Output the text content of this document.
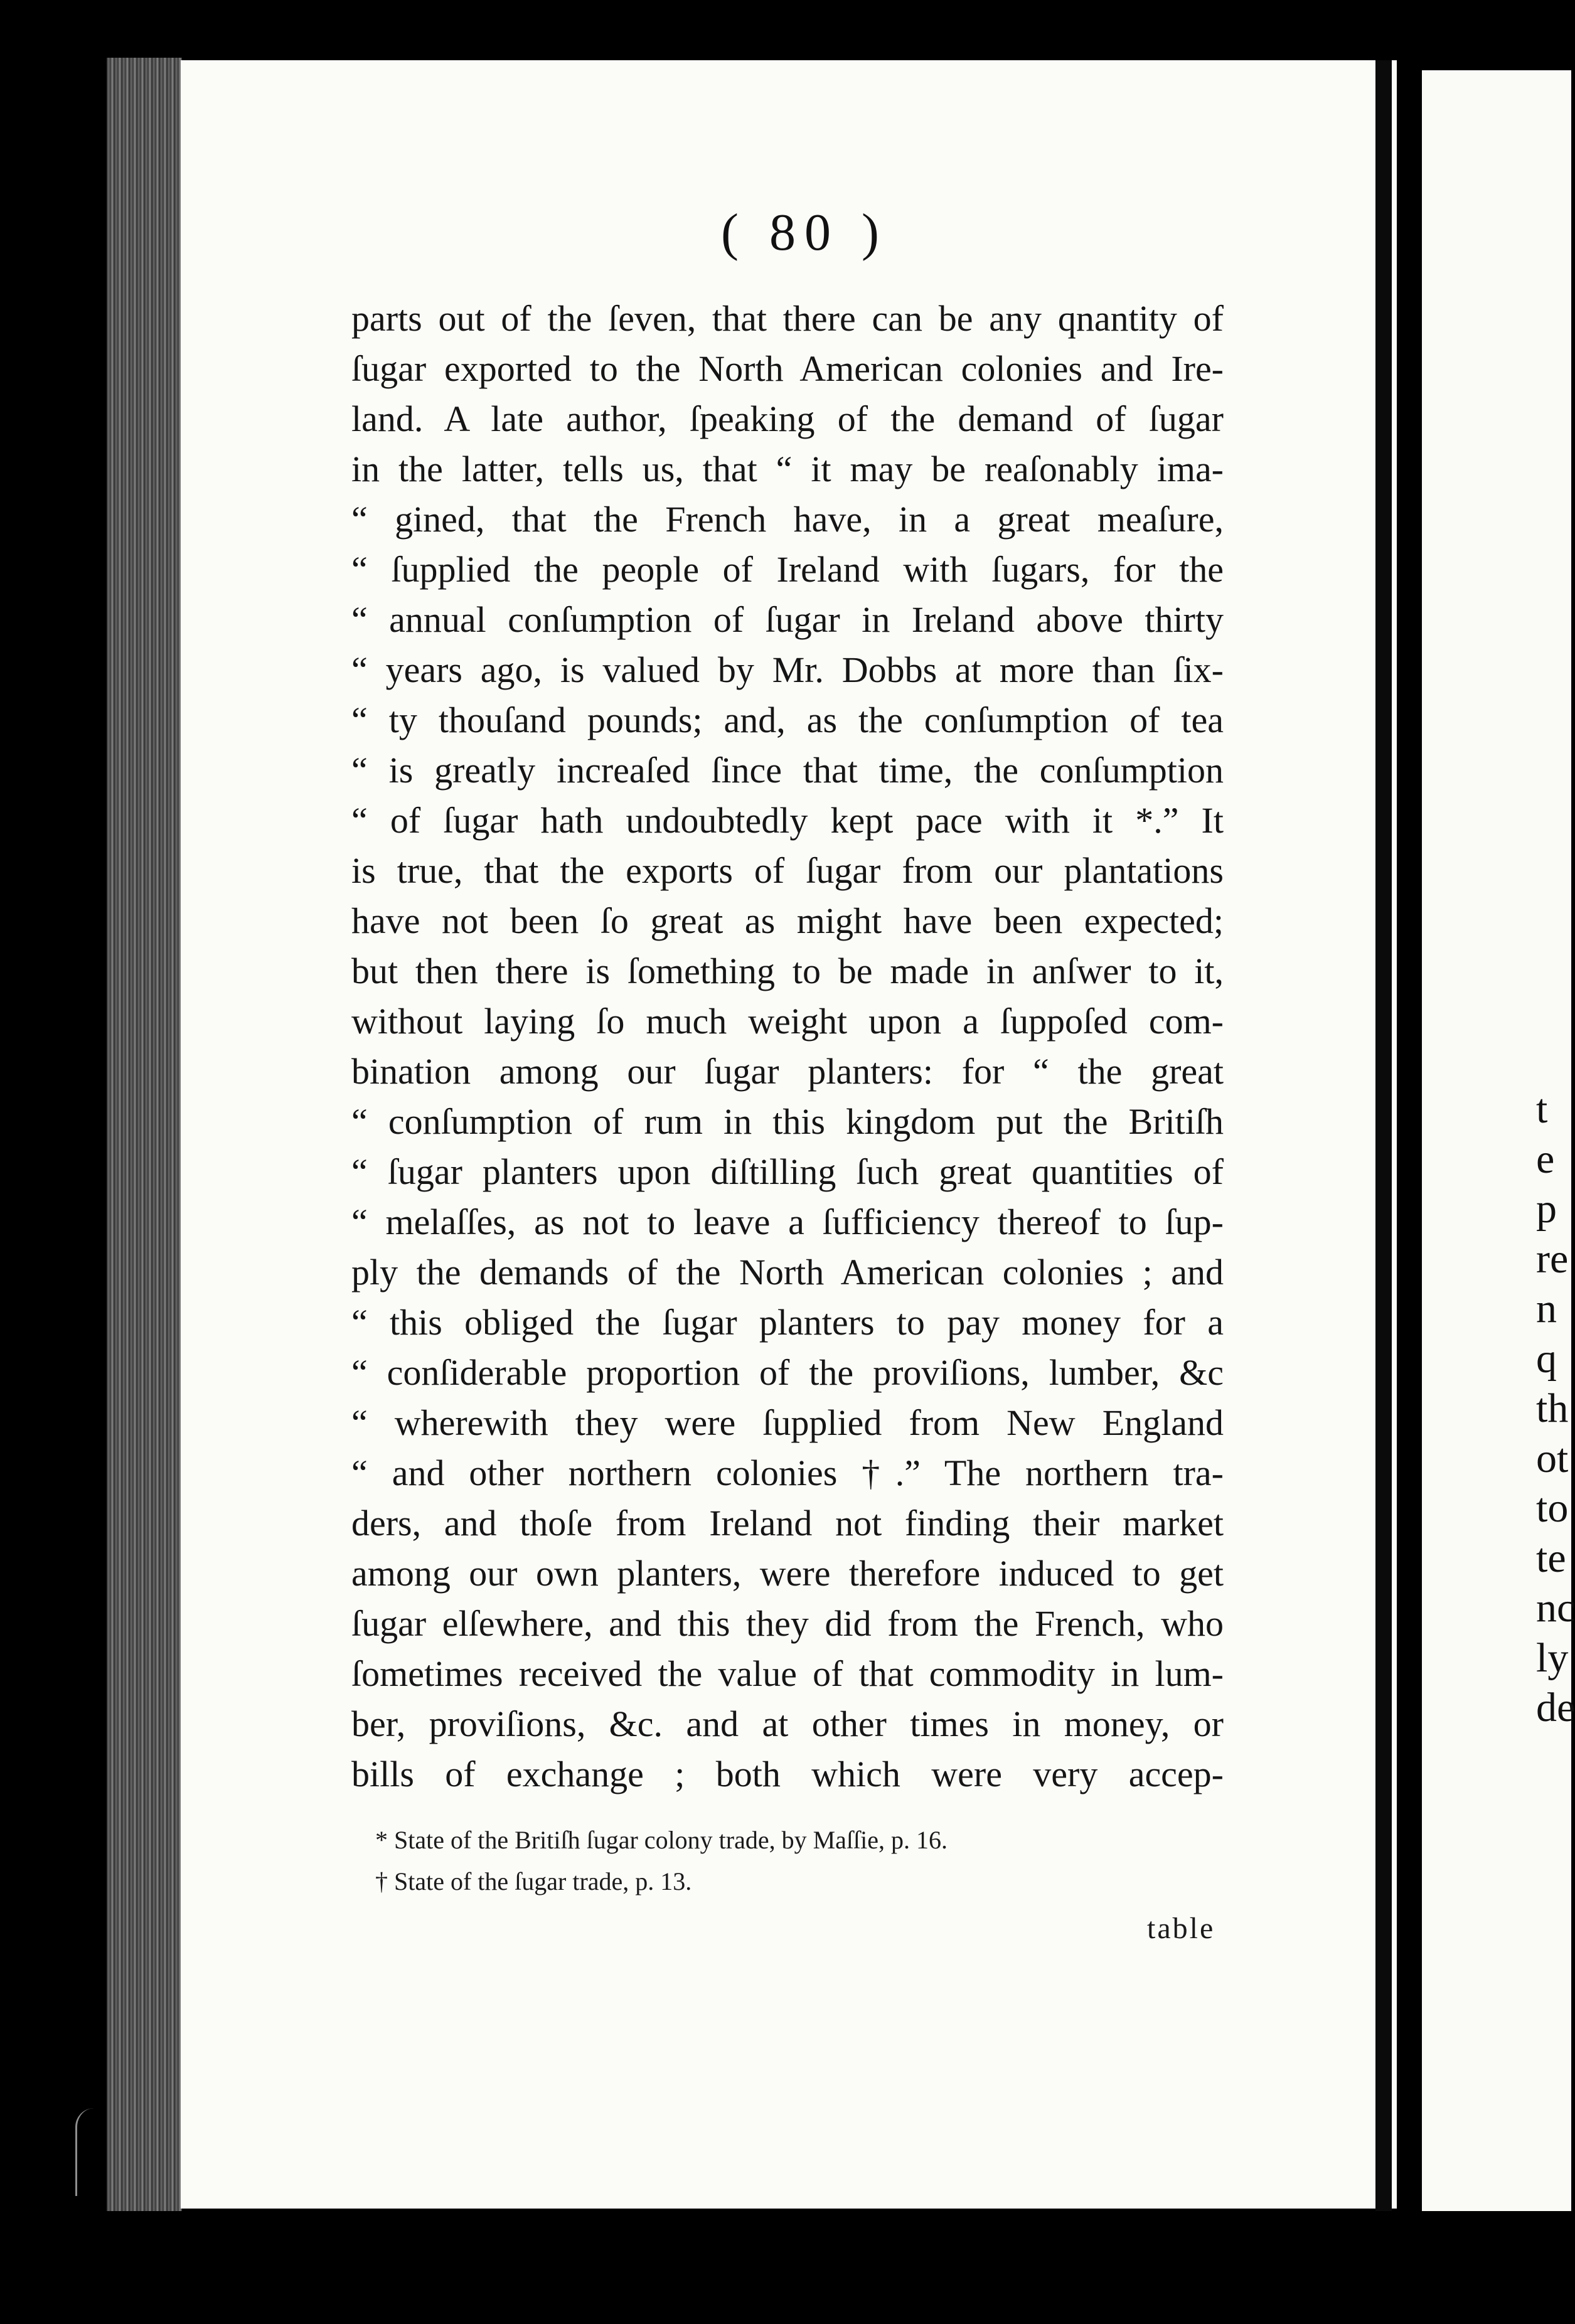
t
e
p
re
n
q
th
ot
to
te
nc
ly
de
( 80 )
parts out of the ſeven, that there can be any qnantity of
ſugar exported to the North American colonies and Ire-
land. A late author, ſpeaking of the demand of ſugar
in the latter, tells us, that “ it may be reaſonably ima-
“ gined, that the French have, in a great meaſure,
“ ſupplied the people of Ireland with ſugars, for the
“ annual conſumption of ſugar in Ireland above thirty
“ years ago, is valued by Mr. Dobbs at more than ſix-
“ ty thouſand pounds; and, as the conſumption of tea
“ is greatly increaſed ſince that time, the conſumption
“ of ſugar hath undoubtedly kept pace with it *.” It
is true, that the exports of ſugar from our plantations
have not been ſo great as might have been expected;
but then there is ſomething to be made in anſwer to it,
without laying ſo much weight upon a ſuppoſed com-
bination among our ſugar planters: for “ the great
“ conſumption of rum in this kingdom put the Britiſh
“ ſugar planters upon diſtilling ſuch great quantities of
“ melaſſes, as not to leave a ſufficiency thereof to ſup-
ply the demands of the North American colonies ; and
“ this obliged the ſugar planters to pay money for a
“ conſiderable proportion of the proviſions, lumber, &c
“ wherewith they were ſupplied from New England
“ and other northern colonies †.” The northern tra-
ders, and thoſe from Ireland not finding their market
among our own planters, were therefore induced to get
ſugar elſewhere, and this they did from the French, who
ſometimes received the value of that commodity in lum-
ber, proviſions, &c. and at other times in money, or
bills of exchange ; both which were very accep-
* State of the Britiſh ſugar colony trade, by Maſſie, p. 16.
† State of the ſugar trade, p. 13.
table
